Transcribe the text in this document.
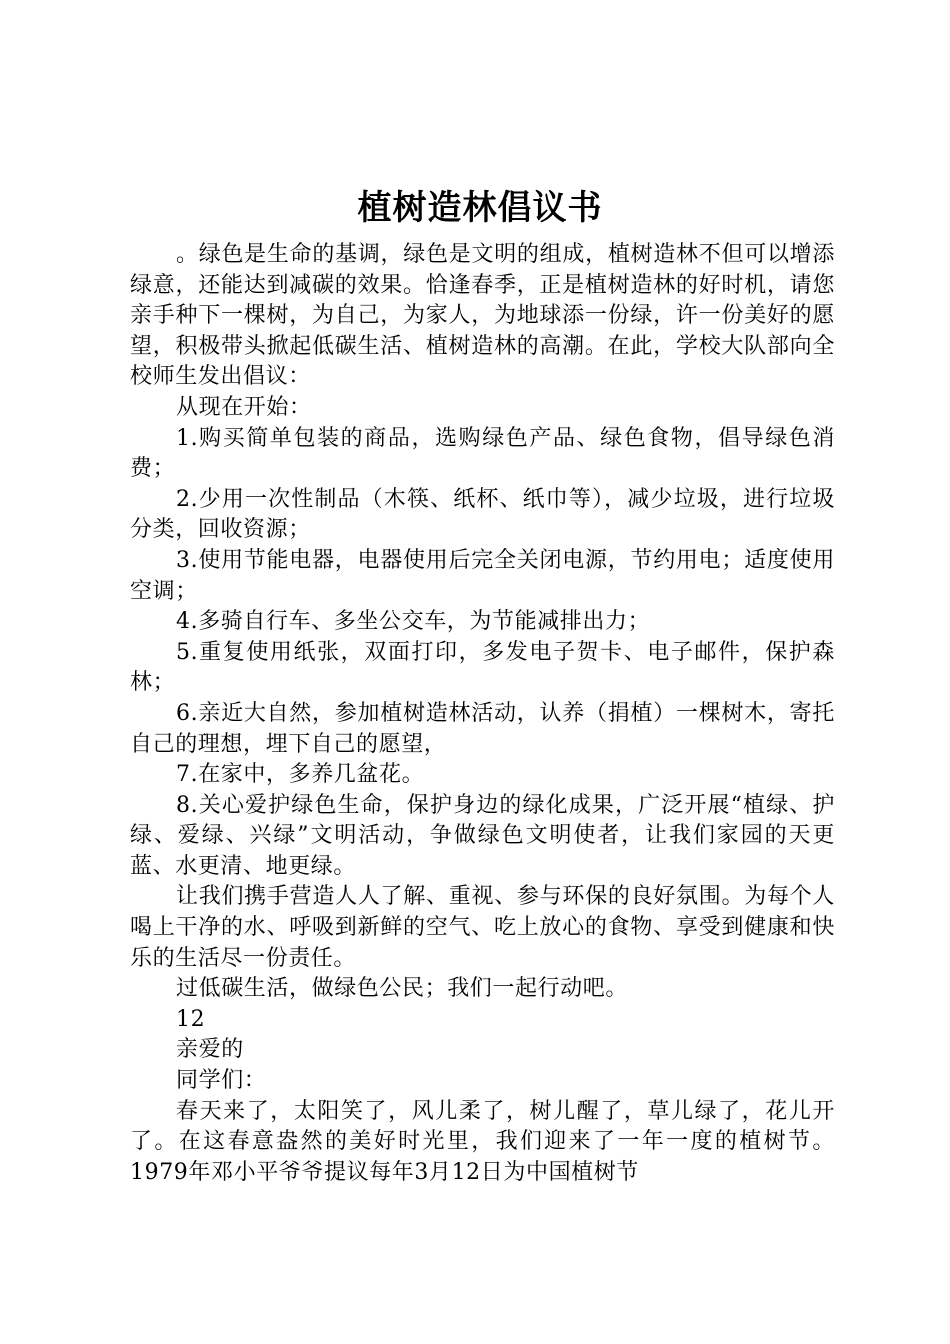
植树造林倡议书

。绿色是生命的基调，绿色是文明的组成，植树造林不但可以增添绿意，还能达到减碳的效果。恰逢春季，正是植树造林的好时机，请您亲手种下一棵树，为自己，为家人，为地球添一份绿，许一份美好的愿望，积极带头掀起低碳生活、植树造林的高潮。在此，学校大队部向全校师生发出倡议：

从现在开始：

1.购买简单包装的商品，选购绿色产品、绿色食物，倡导绿色消费；

2.少用一次性制品（木筷、纸杯、纸巾等），减少垃圾，进行垃圾分类，回收资源；

3.使用节能电器，电器使用后完全关闭电源，节约用电；适度使用空调；

4.多骑自行车、多坐公交车，为节能减排出力；

5.重复使用纸张，双面打印，多发电子贺卡、电子邮件，保护森林；

6.亲近大自然，参加植树造林活动，认养（捐植）一棵树木，寄托自己的理想，埋下自己的愿望，

7.在家中，多养几盆花。

8.关心爱护绿色生命，保护身边的绿化成果，广泛开展“植绿、护绿、爱绿、兴绿”文明活动，争做绿色文明使者，让我们家园的天更蓝、水更清、地更绿。

让我们携手营造人人了解、重视、参与环保的良好氛围。为每个人喝上干净的水、呼吸到新鲜的空气、吃上放心的食物、享受到健康和快乐的生活尽一份责任。

过低碳生活，做绿色公民；我们一起行动吧。

12

亲爱的

同学们：

春天来了，太阳笑了，风儿柔了，树儿醒了，草儿绿了，花儿开了。在这春意盎然的美好时光里，我们迎来了一年一度的植树节。1979年邓小平爷爷提议每年3月12日为中国植树节
